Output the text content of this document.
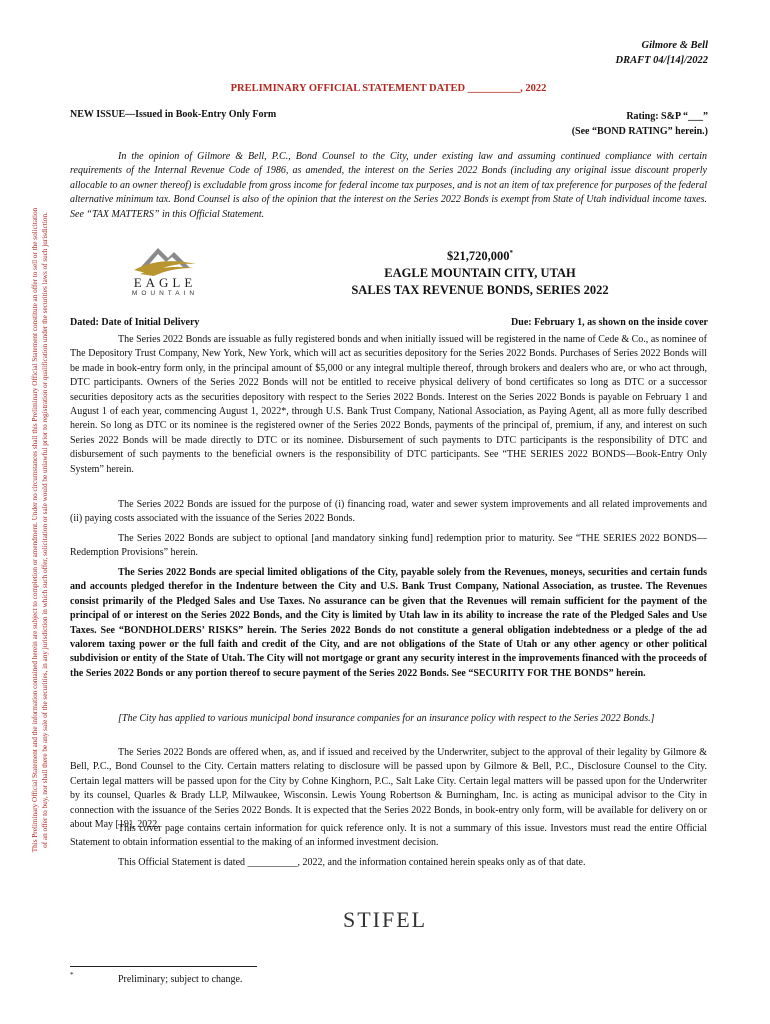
This Preliminary Official Statement and the information contained herein are subject to completion or amendment. Under no circumstances shall this Preliminary Official Statement constitute an offer to sell or the solicitation of an offer to buy, nor shall there be any sale of the securities, in any jurisdiction in which such offer, solicitation or sale would be unlawful prior to registration or qualification under the securities laws of such jurisdiction.
Gilmore & Bell
DRAFT 04/[14]/2022
PRELIMINARY OFFICIAL STATEMENT DATED __________, 2022
NEW ISSUE—Issued in Book-Entry Only Form	Rating: S&P “___”
(See “BOND RATING” herein.)

In the opinion of Gilmore & Bell, P.C., Bond Counsel to the City, under existing law and assuming continued compliance with certain requirements of the Internal Revenue Code of 1986, as amended, the interest on the Series 2022 Bonds (including any original issue discount properly allocable to an owner thereof) is excludable from gross income for federal income tax purposes, and is not an item of tax preference for purposes of the federal alternative minimum tax. Bond Counsel is also of the opinion that the interest on the Series 2022 Bonds is exempt from State of Utah individual income taxes. See “TAX MATTERS” in this Official Statement.

EAGLE
MOUNTAIN
$21,720,000*
EAGLE MOUNTAIN CITY, UTAH
SALES TAX REVENUE BONDS, SERIES 2022
Dated: Date of Initial Delivery	Due: February 1, as shown on the inside cover

The Series 2022 Bonds are issuable as fully registered bonds and when initially issued will be registered in the name of Cede & Co., as nominee of The Depository Trust Company, New York, New York, which will act as securities depository for the Series 2022 Bonds. Purchases of Series 2022 Bonds will be made in book-entry form only, in the principal amount of $5,000 or any integral multiple thereof, through brokers and dealers who are, or who act through, DTC participants. Owners of the Series 2022 Bonds will not be entitled to receive physical delivery of bond certificates so long as DTC or a successor securities depository acts as the securities depository with respect to the Series 2022 Bonds. Interest on the Series 2022 Bonds is payable on February 1 and August 1 of each year, commencing August 1, 2022*, through U.S. Bank Trust Company, National Association, as Paying Agent, all as more fully described herein. So long as DTC or its nominee is the registered owner of the Series 2022 Bonds, payments of the principal of, premium, if any, and interest on such Series 2022 Bonds will be made directly to DTC or its nominee. Disbursement of such payments to DTC participants is the responsibility of DTC and disbursement of such payments to the beneficial owners is the responsibility of DTC participants. See “THE SERIES 2022 BONDS—Book-Entry Only System” herein.

The Series 2022 Bonds are issued for the purpose of (i) financing road, water and sewer system improvements and all related improvements and (ii) paying costs associated with the issuance of the Series 2022 Bonds.

The Series 2022 Bonds are subject to optional [and mandatory sinking fund] redemption prior to maturity. See “THE SERIES 2022 BONDS—Redemption Provisions” herein.

The Series 2022 Bonds are special limited obligations of the City, payable solely from the Revenues, moneys, securities and certain funds and accounts pledged therefor in the Indenture between the City and U.S. Bank Trust Company, National Association, as trustee. The Revenues consist primarily of the Pledged Sales and Use Taxes. No assurance can be given that the Revenues will remain sufficient for the payment of the principal of or interest on the Series 2022 Bonds, and the City is limited by Utah law in its ability to increase the rate of the Pledged Sales and Use Taxes. See “BONDHOLDERS’ RISKS” herein. The Series 2022 Bonds do not constitute a general obligation indebtedness or a pledge of the ad valorem taxing power or the full faith and credit of the City, and are not obligations of the State of Utah or any other agency or other political subdivision or entity of the State of Utah. The City will not mortgage or grant any security interest in the improvements financed with the proceeds of the Series 2022 Bonds or any portion thereof to secure payment of the Series 2022 Bonds. See “SECURITY FOR THE BONDS” herein.

[The City has applied to various municipal bond insurance companies for an insurance policy with respect to the Series 2022 Bonds.]

The Series 2022 Bonds are offered when, as, and if issued and received by the Underwriter, subject to the approval of their legality by Gilmore & Bell, P.C., Bond Counsel to the City. Certain matters relating to disclosure will be passed upon by Gilmore & Bell, P.C., Disclosure Counsel to the City. Certain legal matters will be passed upon for the City by Cohne Kinghorn, P.C., Salt Lake City. Certain legal matters will be passed upon for the Underwriter by its counsel, Quarles & Brady LLP, Milwaukee, Wisconsin. Lewis Young Robertson & Burningham, Inc. is acting as municipal advisor to the City in connection with the issuance of the Series 2022 Bonds. It is expected that the Series 2022 Bonds, in book-entry only form, will be available for delivery on or about May [19], 2022.

This cover page contains certain information for quick reference only. It is not a summary of this issue. Investors must read the entire Official Statement to obtain information essential to the making of an informed investment decision.

This Official Statement is dated __________, 2022, and the information contained herein speaks only as of that date.

STIFEL
*	Preliminary; subject to change.
